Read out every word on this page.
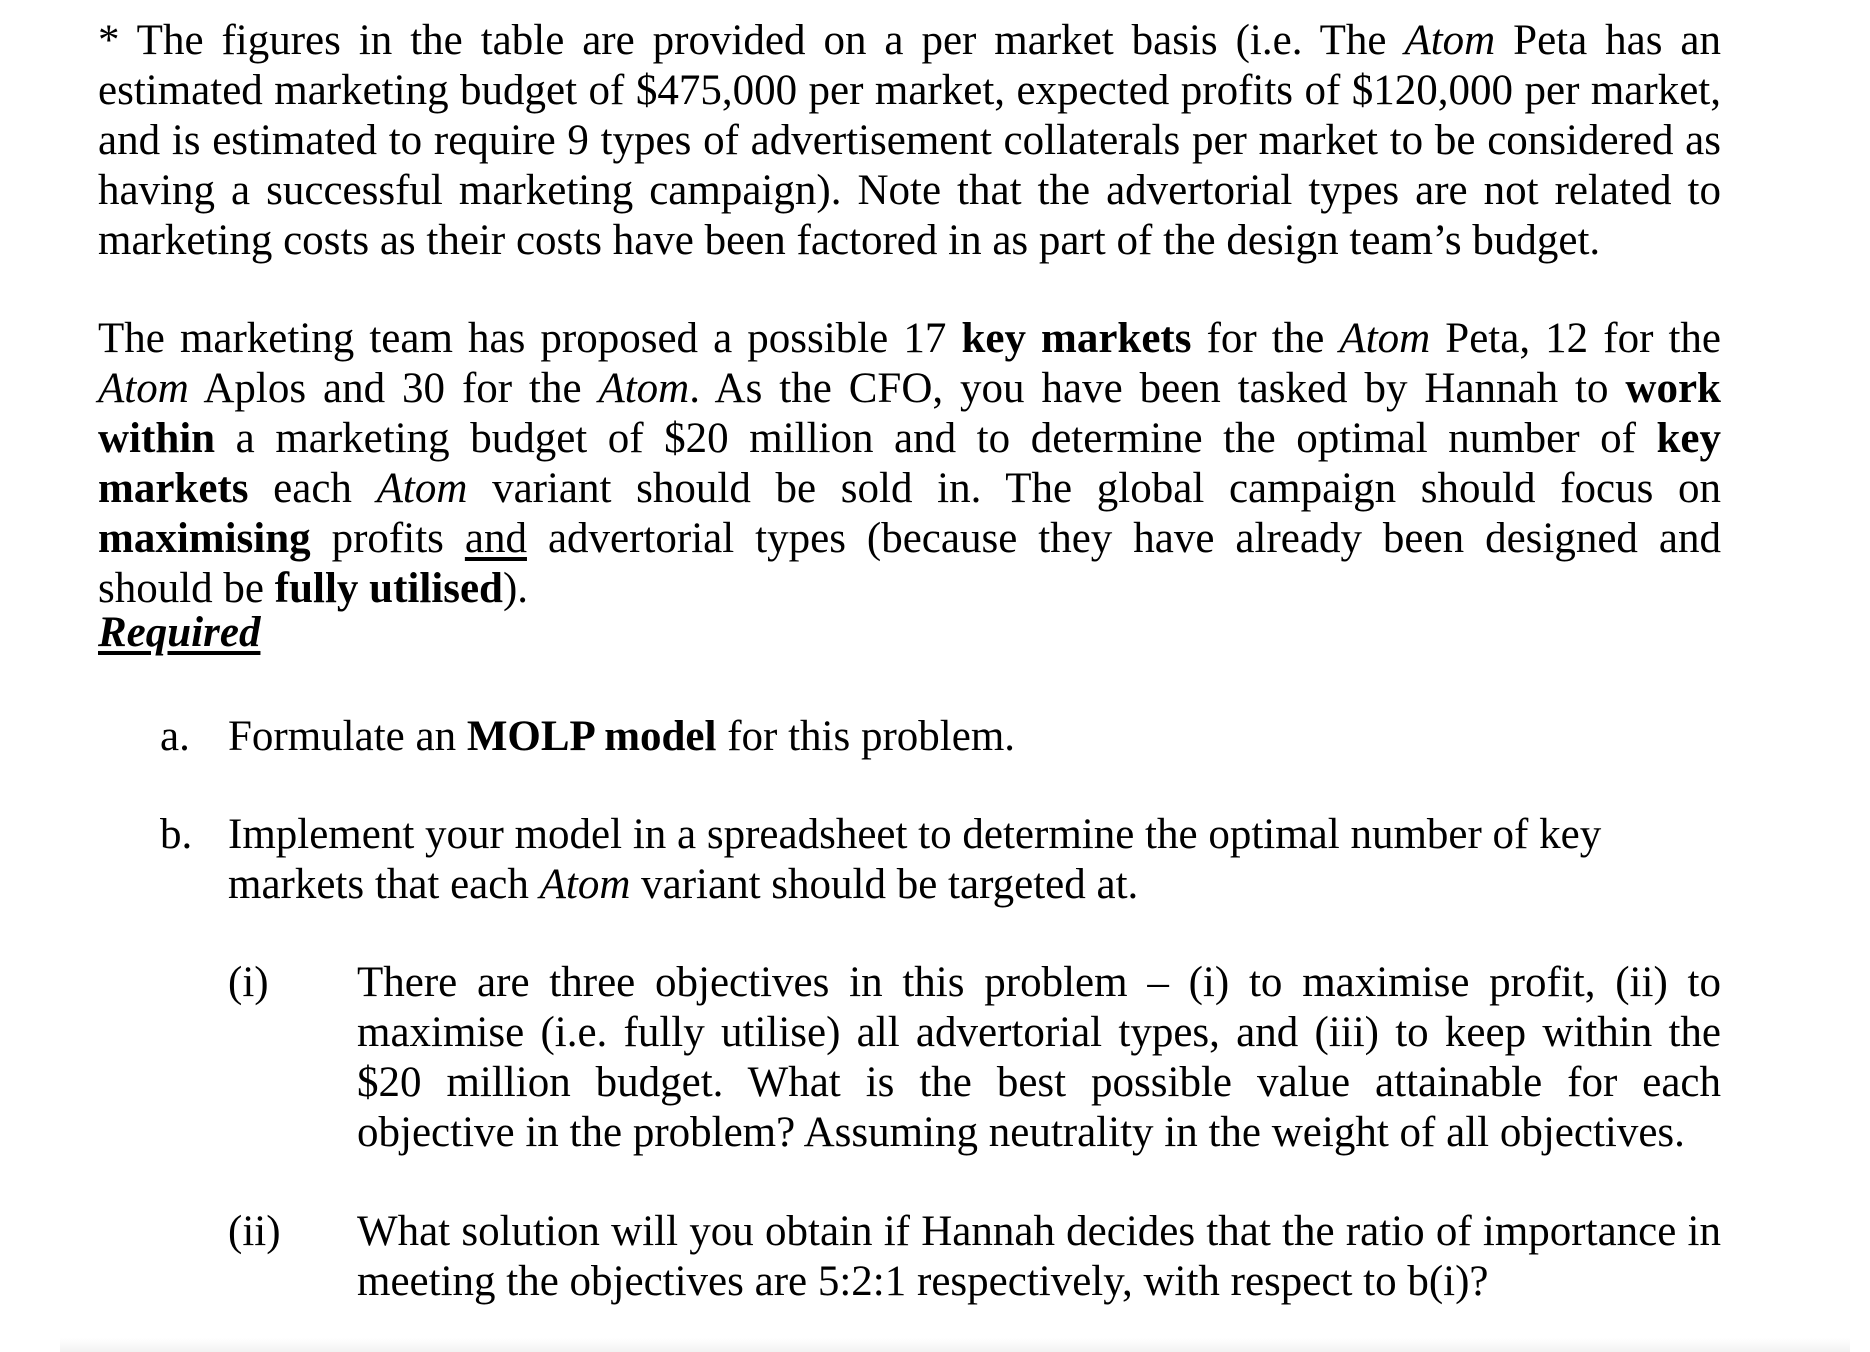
* The figures in the table are provided on a per market basis (i.e. The Atom Peta has an estimated marketing budget of $475,000 per market, expected profits of $120,000 per market, and is estimated to require 9 types of advertisement collaterals per market to be considered as having a successful marketing campaign). Note that the advertorial types are not related to marketing costs as their costs have been factored in as part of the design team’s budget.

The marketing team has proposed a possible 17 key markets for the Atom Peta, 12 for the Atom Aplos and 30 for the Atom. As the CFO, you have been tasked by Hannah to work within a marketing budget of $20 million and to determine the optimal number of key markets each Atom variant should be sold in. The global campaign should focus on maximising profits and advertorial types (because they have already been designed and should be fully utilised).

Required
a. Formulate an MOLP model for this problem.

b. Implement your model in a spreadsheet to determine the optimal number of key markets that each Atom variant should be targeted at.

(i) There are three objectives in this problem – (i) to maximise profit, (ii) to maximise (i.e. fully utilise) all advertorial types, and (iii) to keep within the $20 million budget. What is the best possible value attainable for each objective in the problem? Assuming neutrality in the weight of all objectives.

(ii) What solution will you obtain if Hannah decides that the ratio of importance in meeting the objectives are 5:2:1 respectively, with respect to b(i)?
